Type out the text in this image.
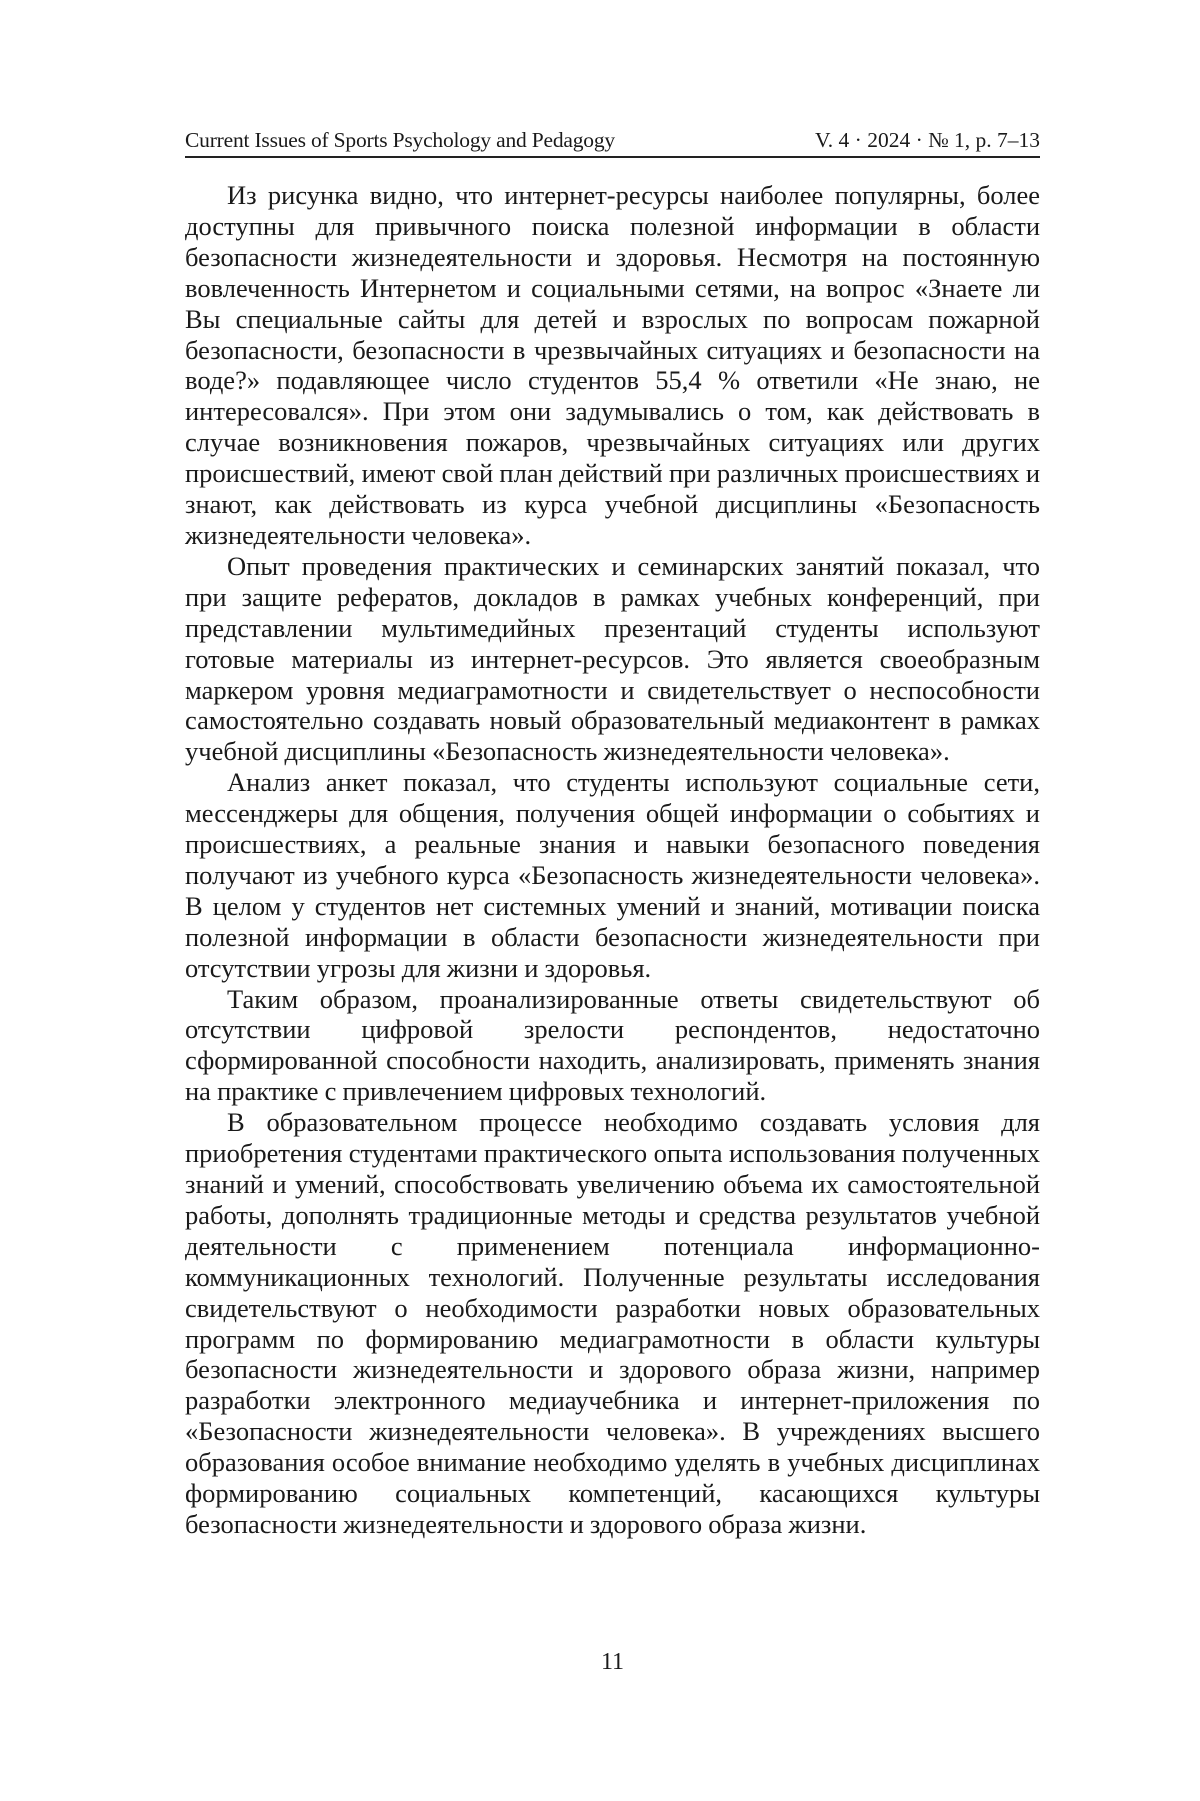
Current Issues of Sports Psychology and Pedagogy	V. 4 · 2024 · № 1, p. 7–13

Из рисунка видно, что интернет-ресурсы наиболее популярны, более доступны для привычного поиска полезной информации в области безопасности жизнедеятельности и здоровья. Несмотря на постоянную вовлеченность Интернетом и социальными сетями, на вопрос «Знаете ли Вы специальные сайты для детей и взрослых по вопросам пожарной безопасности, безопасности в чрезвычайных ситуациях и безопасности на воде?» подавляющее число студентов 55,4 % ответили «Не знаю, не интересовался». При этом они задумывались о том, как действовать в случае возникновения пожаров, чрезвычайных ситуациях или других происшествий, имеют свой план действий при различных происшествиях и знают, как действовать из курса учебной дисциплины «Безопасность жизнедеятельности человека».

Опыт проведения практических и семинарских занятий показал, что при защите рефератов, докладов в рамках учебных конференций, при представлении мультимедийных презентаций студенты используют готовые материалы из интернет-ресурсов. Это является своеобразным маркером уровня медиаграмотности и свидетельствует о неспособности самостоятельно создавать новый образовательный медиаконтент в рамках учебной дисциплины «Безопасность жизнедеятельности человека».

Анализ анкет показал, что студенты используют социальные сети, мессенджеры для общения, получения общей информации о событиях и происшествиях, а реальные знания и навыки безопасного поведения получают из учебного курса «Безопасность жизнедеятельности человека». В целом у студентов нет системных умений и знаний, мотивации поиска полезной информации в области безопасности жизнедеятельности при отсутствии угрозы для жизни и здоровья.

Таким образом, проанализированные ответы свидетельствуют об отсутствии цифровой зрелости респондентов, недостаточно сформированной способности находить, анализировать, применять знания на практике с привлечением цифровых технологий.

В образовательном процессе необходимо создавать условия для приобретения студентами практического опыта использования полученных знаний и умений, способствовать увеличению объема их самостоятельной работы, дополнять традиционные методы и средства результатов учебной деятельности с применением потенциала информационно-коммуникационных технологий. Полученные результаты исследования свидетельствуют о необходимости разработки новых образовательных программ по формированию медиаграмотности в области культуры безопасности жизнедеятельности и здорового образа жизни, например разработки электронного медиаучебника и интернет-приложения по «Безопасности жизнедеятельности человека». В учреждениях высшего образования особое внимание необходимо уделять в учебных дисциплинах формированию социальных компетенций, касающихся культуры безопасности жизнедеятельности и здорового образа жизни.

11
